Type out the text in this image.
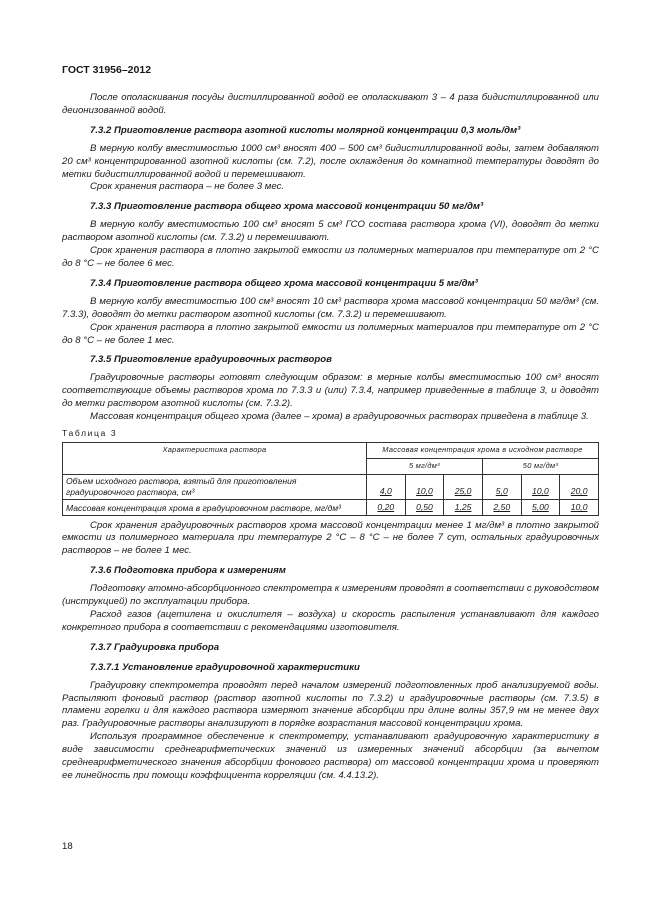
ГОСТ 31956–2012
После ополаскивания посуды дистиллированной водой ее ополаскивают 3 – 4 раза бидистиллированной или деионизованной водой.
7.3.2 Приготовление раствора азотной кислоты молярной концентрации 0,3 моль/дм³
В мерную колбу вместимостью 1000 см³ вносят 400 – 500 см³ бидистиллированной воды, затем добавляют 20 см³ концентрированной азотной кислоты (см. 7.2), после охлаждения до комнатной температуры доводят до метки бидистиллированной водой и перемешивают.
Срок хранения раствора – не более 3 мес.
7.3.3 Приготовление раствора общего хрома массовой концентрации 50 мг/дм³
В мерную колбу вместимостью 100 см³ вносят 5 см³ ГСО состава раствора хрома (VI), доводят до метки раствором азотной кислоты (см. 7.3.2) и перемешивают.
Срок хранения раствора в плотно закрытой емкости из полимерных материалов при температуре от 2 °С до 8 °С – не более 6 мес.
7.3.4 Приготовление раствора общего хрома массовой концентрации 5 мг/дм³
В мерную колбу вместимостью 100 см³ вносят 10 см³ раствора хрома массовой концентрации 50 мг/дм³ (см. 7.3.3), доводят до метки раствором азотной кислоты (см. 7.3.2) и перемешивают.
Срок хранения раствора в плотно закрытой емкости из полимерных материалов при температуре от 2 °С до 8 °С – не более 1 мес.
7.3.5 Приготовление градуировочных растворов
Градуировочные растворы готовят следующим образом: в мерные колбы вместимостью 100 см³ вносят соответствующие объемы растворов хрома по 7.3.3 и (или) 7.3.4, например приведенные в таблице 3, и доводят до метки раствором азотной кислоты (см. 7.3.2).
Массовая концентрация общего хрома (далее – хрома) в градуировочных растворах приведена в таблице 3.
Таблица 3
Характеристика раствора	Массовая концентрация хрома в исходном растворе					
	5 мг/дм³			50 мг/дм³		
Объем исходного раствора, взятый для приготовления градуировочного раствора, см³	4,0	10,0	25,0	5,0	10,0	20,0
Массовая концентрация хрома в градуировочном растворе, мг/дм³	0,20	0,50	1,25	2,50	5,00	10,0
Срок хранения градуировочных растворов хрома массовой концентрации менее 1 мг/дм³ в плотно закрытой емкости из полимерного материала при температуре 2 °С – 8 °С – не более 7 сут, остальных градуировочных растворов – не более 1 мес.
7.3.6 Подготовка прибора к измерениям
Подготовку атомно-абсорбционного спектрометра к измерениям проводят в соответствии с руководством (инструкцией) по эксплуатации прибора.
Расход газов (ацетилена и окислителя – воздуха) и скорость распыления устанавливают для каждого конкретного прибора в соответствии с рекомендациями изготовителя.
7.3.7 Градуировка прибора
7.3.7.1 Установление градуировочной характеристики
Градуировку спектрометра проводят перед началом измерений подготовленных проб анализируемой воды. Распыляют фоновый раствор (раствор азотной кислоты по 7.3.2) и градуировочные растворы (см. 7.3.5) в пламени горелки и для каждого раствора измеряют значение абсорбции при длине волны 357,9 нм не менее двух раз. Градуировочные растворы анализируют в порядке возрастания массовой концентрации хрома.
Используя программное обеспечение к спектрометру, устанавливают градуировочную характеристику в виде зависимости среднеарифметических значений из измеренных значений абсорбции (за вычетом среднеарифметического значения абсорбции фонового раствора) от массовой концентрации хрома и проверяют ее линейность при помощи коэффициента корреляции (см. 4.4.13.2).
18
